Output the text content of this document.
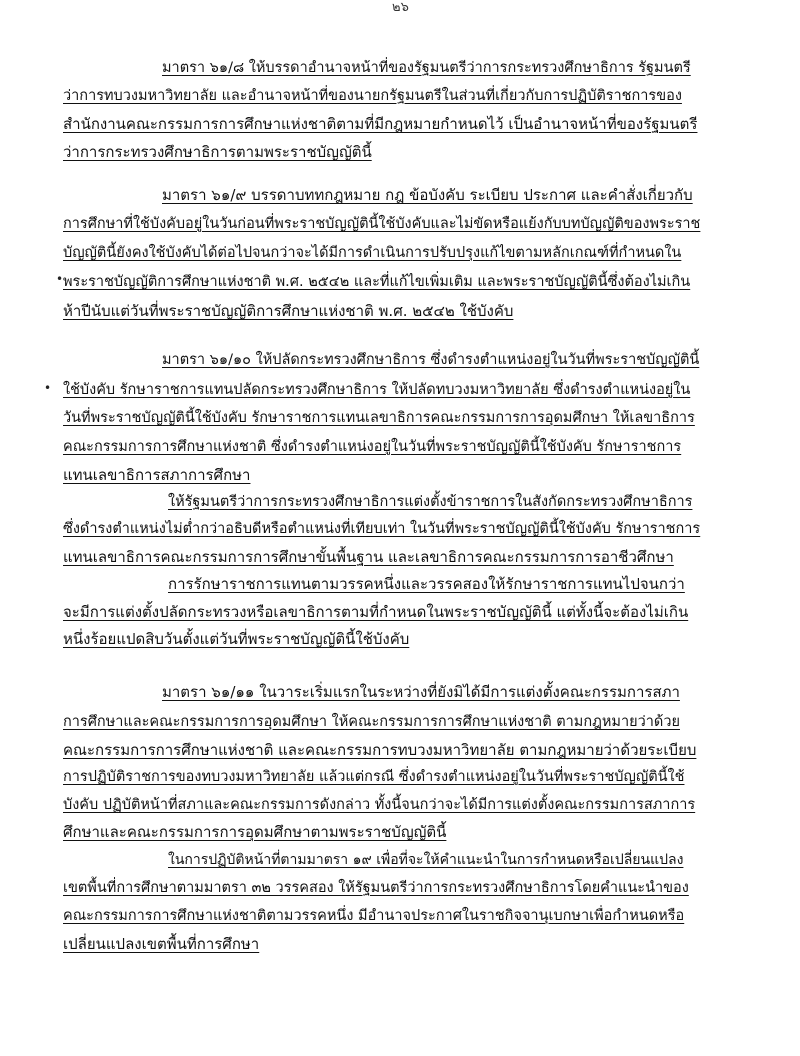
๒๖

มาตรา ๖๑/๘ ให้บรรดาอำนาจหน้าที่ของรัฐมนตรีว่าการกระทรวงศึกษาธิการ รัฐมนตรี

ว่าการทบวงมหาวิทยาลัย และอำนาจหน้าที่ของนายกรัฐมนตรีในส่วนที่เกี่ยวกับการปฏิบัติราชการของ

สำนักงานคณะกรรมการการศึกษาแห่งชาติตามที่มีกฎหมายกำหนดไว้ เป็นอำนาจหน้าที่ของรัฐมนตรี

ว่าการกระทรวงศึกษาธิการตามพระราชบัญญัตินี้

มาตรา ๖๑/๙ บรรดาบททกฎหมาย กฎ ข้อบังคับ ระเบียบ ประกาศ และคำสั่งเกี่ยวกับ

การศึกษาที่ใช้บังคับอยู่ในวันก่อนที่พระราชบัญญัตินี้ใช้บังคับและไม่ขัดหรือแย้งกับบทบัญญัติของพระราช

บัญญัตินี้ยังคงใช้บังคับได้ต่อไปจนกว่าจะได้มีการดำเนินการปรับปรุงแก้ไขตามหลักเกณฑ์ที่กำหนดใน

• พระราชบัญญัติการศึกษาแห่งชาติ พ.ศ. ๒๕๔๒ และที่แก้ไขเพิ่มเติม และพระราชบัญญัตินี้ซึ่งต้องไม่เกิน

ห้าปีนับแต่วันที่พระราชบัญญัติการศึกษาแห่งชาติ พ.ศ. ๒๕๔๒ ใช้บังคับ

มาตรา ๖๑/๑๐ ให้ปลัดกระทรวงศึกษาธิการ ซึ่งดำรงตำแหน่งอยู่ในวันที่พระราชบัญญัตินี้

• ใช้บังคับ รักษาราชการแทนปลัดกระทรวงศึกษาธิการ ให้ปลัดทบวงมหาวิทยาลัย ซึ่งดำรงตำแหน่งอยู่ใน

วันที่พระราชบัญญัตินี้ใช้บังคับ รักษาราชการแทนเลขาธิการคณะกรรมการการอุดมศึกษา ให้เลขาธิการ

คณะกรรมการการศึกษาแห่งชาติ ซึ่งดำรงตำแหน่งอยู่ในวันที่พระราชบัญญัตินี้ใช้บังคับ รักษาราชการ

แทนเลขาธิการสภาการศึกษา

ให้รัฐมนตรีว่าการกระทรวงศึกษาธิการแต่งตั้งข้าราชการในสังกัดกระทรวงศึกษาธิการ

ซึ่งดำรงตำแหน่งไม่ต่ำกว่าอธิบดีหรือตำแหน่งที่เทียบเท่า ในวันที่พระราชบัญญัตินี้ใช้บังคับ รักษาราชการ

แทนเลขาธิการคณะกรรมการการศึกษาขั้นพื้นฐาน และเลขาธิการคณะกรรมการการอาชีวศึกษา

การรักษาราชการแทนตามวรรคหนึ่งและวรรคสองให้รักษาราชการแทนไปจนกว่า

จะมีการแต่งตั้งปลัดกระทรวงหรือเลขาธิการตามที่กำหนดในพระราชบัญญัตินี้ แต่ทั้งนี้จะต้องไม่เกิน

หนึ่งร้อยแปดสิบวันตั้งแต่วันที่พระราชบัญญัตินี้ใช้บังคับ

มาตรา ๖๑/๑๑ ในวาระเริ่มแรกในระหว่างที่ยังมิได้มีการแต่งตั้งคณะกรรมการสภา

การศึกษาและคณะกรรมการการอุดมศึกษา ให้คณะกรรมการการศึกษาแห่งชาติ ตามกฎหมายว่าด้วย

คณะกรรมการการศึกษาแห่งชาติ และคณะกรรมการทบวงมหาวิทยาลัย ตามกฎหมายว่าด้วยระเบียบ

การปฏิบัติราชการของทบวงมหาวิทยาลัย แล้วแต่กรณี ซึ่งดำรงตำแหน่งอยู่ในวันที่พระราชบัญญัตินี้ใช้

บังคับ ปฏิบัติหน้าที่สภาและคณะกรรมการดังกล่าว ทั้งนี้จนกว่าจะได้มีการแต่งตั้งคณะกรรมการสภาการ

ศึกษาและคณะกรรมการการอุดมศึกษาตามพระราชบัญญัตินี้

ในการปฏิบัติหน้าที่ตามมาตรา ๑๙ เพื่อที่จะให้คำแนะนำในการกำหนดหรือเปลี่ยนแปลง

เขตพื้นที่การศึกษาตามมาตรา ๓๒ วรรคสอง ให้รัฐมนตรีว่าการกระทรวงศึกษาธิการโดยคำแนะนำของ

คณะกรรมการการศึกษาแห่งชาติตามวรรคหนึ่ง มีอำนาจประกาศในราชกิจจานุเบกษาเพื่อกำหนดหรือ

เปลี่ยนแปลงเขตพื้นที่การศึกษา
